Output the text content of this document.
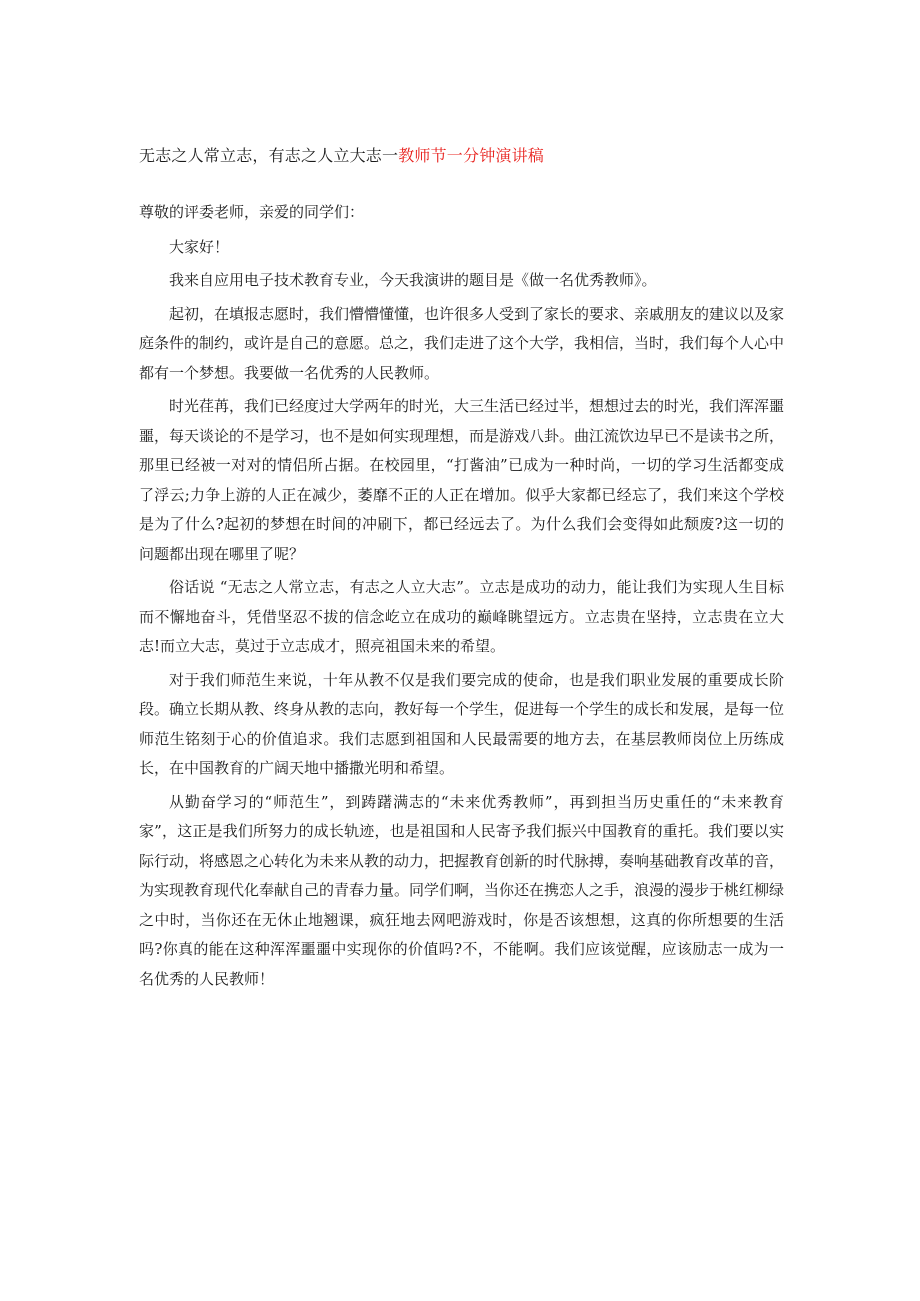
无志之人常立志，有志之人立大志一教师节一分钟演讲稿

尊敬的评委老师，亲爱的同学们：

大家好！

我来自应用电子技术教育专业，今天我演讲的题目是《做一名优秀教师》。

起初，在填报志愿时，我们懵懵懂懂，也许很多人受到了家长的要求、亲戚朋友的建议以及家庭条件的制约，或许是自己的意愿。总之，我们走进了这个大学，我相信，当时，我们每个人心中都有一个梦想。我要做一名优秀的人民教师。

时光荏苒，我们已经度过大学两年的时光，大三生活已经过半，想想过去的时光，我们浑浑噩噩，每天谈论的不是学习，也不是如何实现理想，而是游戏八卦。曲江流饮边早已不是读书之所，那里已经被一对对的情侣所占据。在校园里，“打酱油”已成为一种时尚，一切的学习生活都变成了浮云;力争上游的人正在减少，萎靡不正的人正在增加。似乎大家都已经忘了，我们来这个学校是为了什么?起初的梦想在时间的冲刷下，都已经远去了。为什么我们会变得如此颓废?这一切的问题都出现在哪里了呢？

俗话说 “无志之人常立志，有志之人立大志”。立志是成功的动力，能让我们为实现人生目标而不懈地奋斗，凭借坚忍不拔的信念屹立在成功的巅峰眺望远方。立志贵在坚持，立志贵在立大志!而立大志，莫过于立志成才，照亮祖国未来的希望。

对于我们师范生来说，十年从教不仅是我们要完成的使命，也是我们职业发展的重要成长阶段。确立长期从教、终身从教的志向，教好每一个学生，促进每一个学生的成长和发展，是每一位师范生铭刻于心的价值追求。我们志愿到祖国和人民最需要的地方去，在基层教师岗位上历练成长，在中国教育的广阔天地中播撒光明和希望。

从勤奋学习的“师范生”，到踌躇满志的“未来优秀教师”，再到担当历史重任的“未来教育家”，这正是我们所努力的成长轨迹，也是祖国和人民寄予我们振兴中国教育的重托。我们要以实际行动，将感恩之心转化为未来从教的动力，把握教育创新的时代脉搏，奏响基础教育改革的音，为实现教育现代化奉献自己的青春力量。同学们啊，当你还在携恋人之手，浪漫的漫步于桃红柳绿之中时，当你还在无休止地翘课，疯狂地去网吧游戏时，你是否该想想，这真的你所想要的生活吗?你真的能在这种浑浑噩噩中实现你的价值吗?不，不能啊。我们应该觉醒，应该励志一成为一名优秀的人民教师！
